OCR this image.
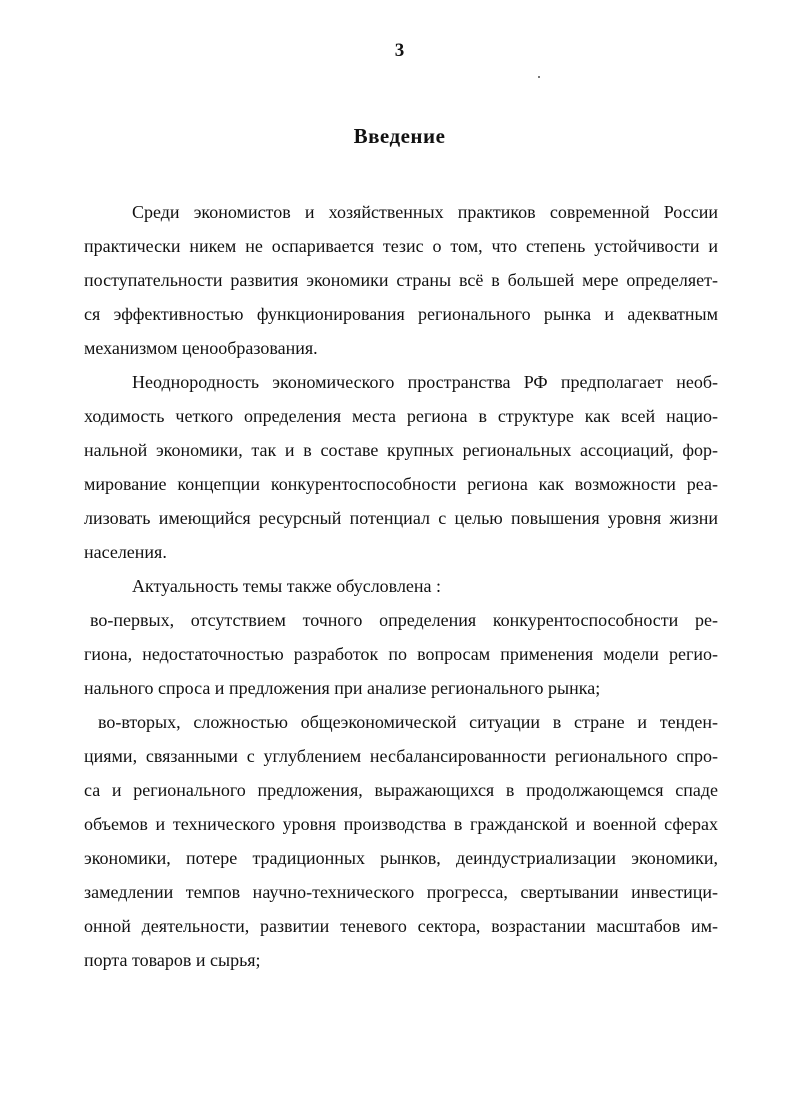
3
Введение
Среди экономистов и хозяйственных практиков современной России
практически никем не оспаривается тезис о том, что степень устойчивости и
поступательности развития экономики страны всё в большей мере определяет-
ся эффективностью функционирования регионального рынка и адекватным
механизмом ценообразования.
Неоднородность экономического пространства РФ предполагает необ-
ходимость четкого определения места региона в структуре как всей нацио-
нальной экономики, так и в составе крупных региональных ассоциаций, фор-
мирование концепции конкурентоспособности региона как возможности реа-
лизовать имеющийся ресурсный потенциал с целью повышения уровня жизни
населения.
Актуальность темы также обусловлена :
во-первых, отсутствием точного определения конкурентоспособности ре-
гиона, недостаточностью разработок по вопросам применения модели регио-
нального спроса и предложения при анализе регионального рынка;
во-вторых, сложностью общеэкономической ситуации в стране и тенден-
циями, связанными с углублением несбалансированности регионального спро-
са и регионального предложения, выражающихся в продолжающемся спаде
объемов и технического уровня производства в гражданской и военной сферах
экономики, потере традиционных рынков, деиндустриализации экономики,
замедлении темпов научно-технического прогресса, свертывании инвестици-
онной деятельности, развитии теневого сектора, возрастании масштабов им-
порта товаров и сырья;
